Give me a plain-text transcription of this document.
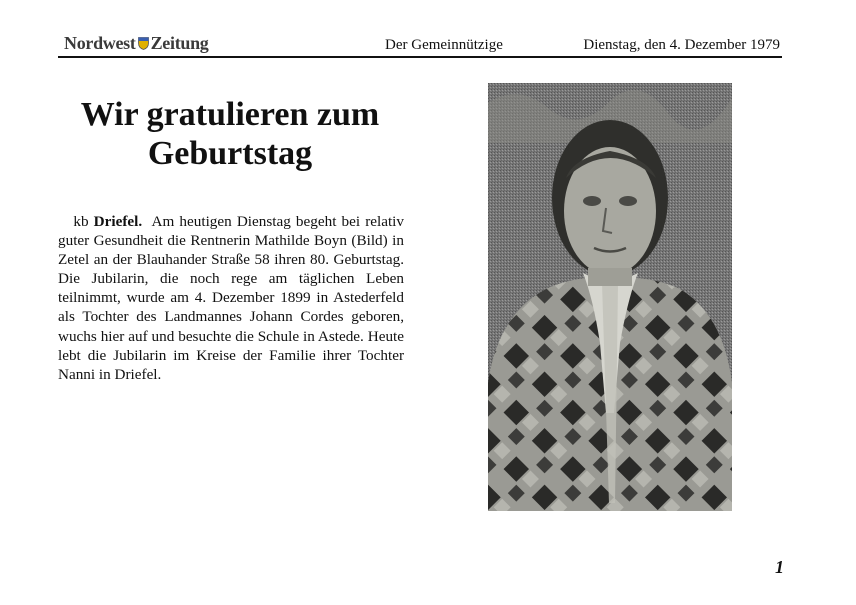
Nordwest Zeitung	Der Gemeinnützige	Dienstag, den 4. Dezember 1979
Wir gratulieren zum Geburtstag

kb Driefel. Am heutigen Dienstag begeht bei relativ guter Gesundheit die Rentnerin Mathilde Boyn (Bild) in Zetel an der Blauhander Straße 58 ihren 80. Geburtstag. Die Jubilarin, die noch rege am täglichen Leben teilnimmt, wurde am 4. Dezember 1899 in Astederfeld als Tochter des Landmannes Johann Cordes geboren, wuchs hier auf und besuchte die Schule in Astede. Heute lebt die Jubilarin im Kreise der Familie ihrer Tochter Nanni in Driefel.

1
